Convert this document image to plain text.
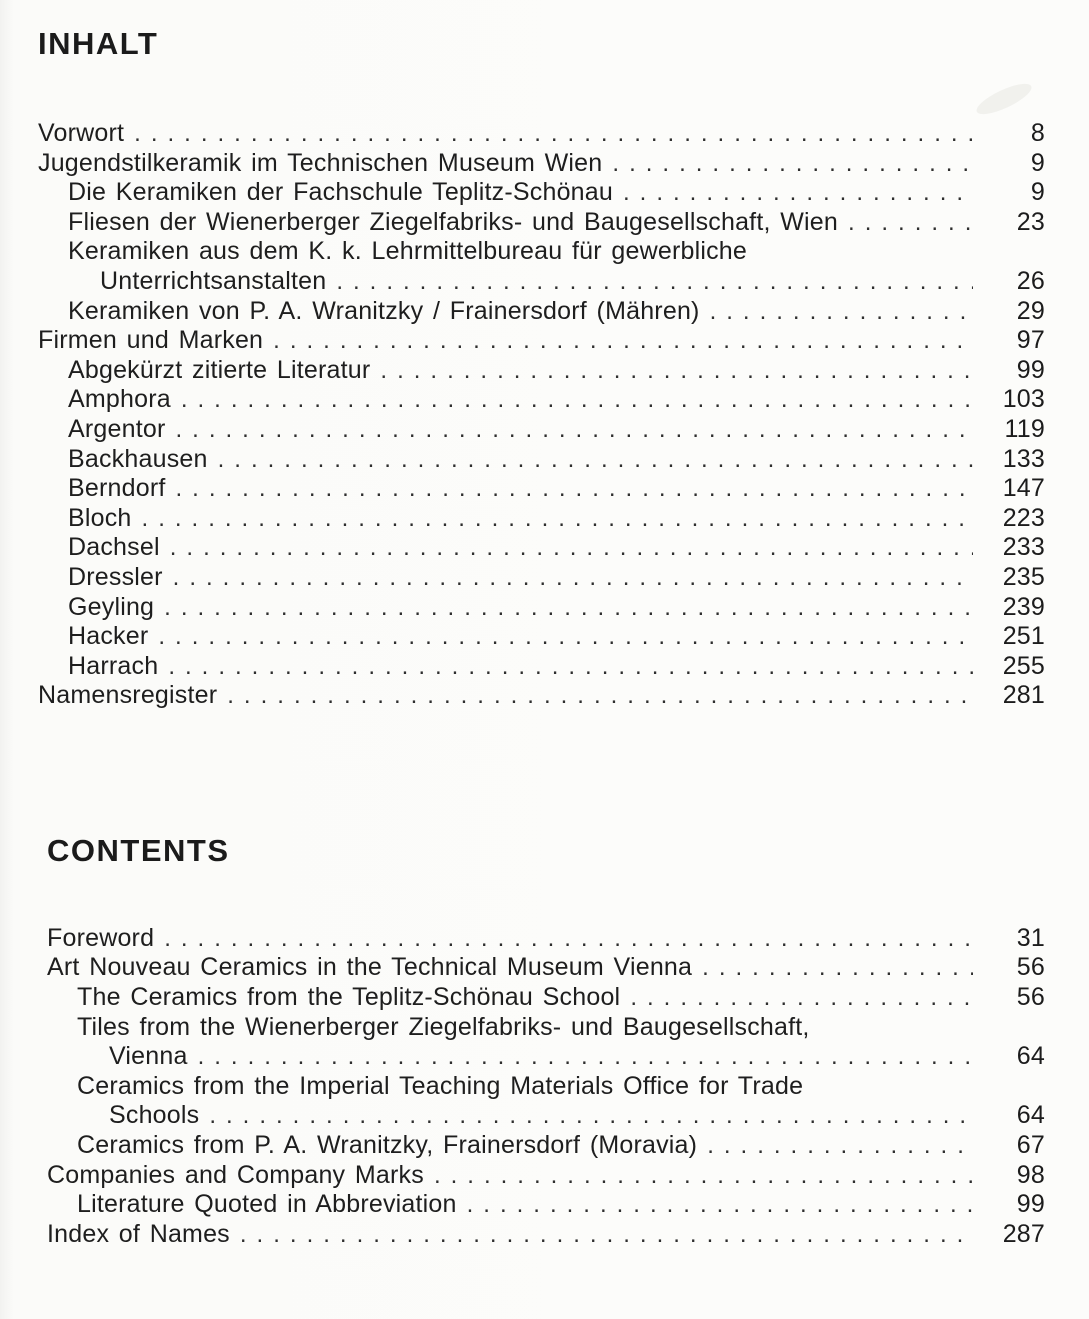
INHALT
Vorwort .....	8
Jugendstilkeramik im Technischen Museum Wien .....	9
Die Keramiken der Fachschule Teplitz-Schönau .....	9
Fliesen der Wienerberger Ziegelfabriks- und Baugesellschaft, Wien .....	23
Keramiken aus dem K. k. Lehrmittelbureau für gewerbliche
Unterrichtsanstalten .....	26
Keramiken von P. A. Wranitzky / Frainersdorf (Mähren) .....	29
Firmen und Marken .....	97
Abgekürzt zitierte Literatur .....	99
Amphora .....	103
Argentor .....	119
Backhausen .....	133
Berndorf .....	147
Bloch .....	223
Dachsel .....	233
Dressler .....	235
Geyling .....	239
Hacker .....	251
Harrach .....	255
Namensregister .....	281
CONTENTS
Foreword .....	31
Art Nouveau Ceramics in the Technical Museum Vienna .....	56
The Ceramics from the Teplitz-Schönau School .....	56
Tiles from the Wienerberger Ziegelfabriks- und Baugesellschaft,
Vienna .....	64
Ceramics from the Imperial Teaching Materials Office for Trade
Schools .....	64
Ceramics from P. A. Wranitzky, Frainersdorf (Moravia) .....	67
Companies and Company Marks .....	98
Literature Quoted in Abbreviation .....	99
Index of Names .....	287
